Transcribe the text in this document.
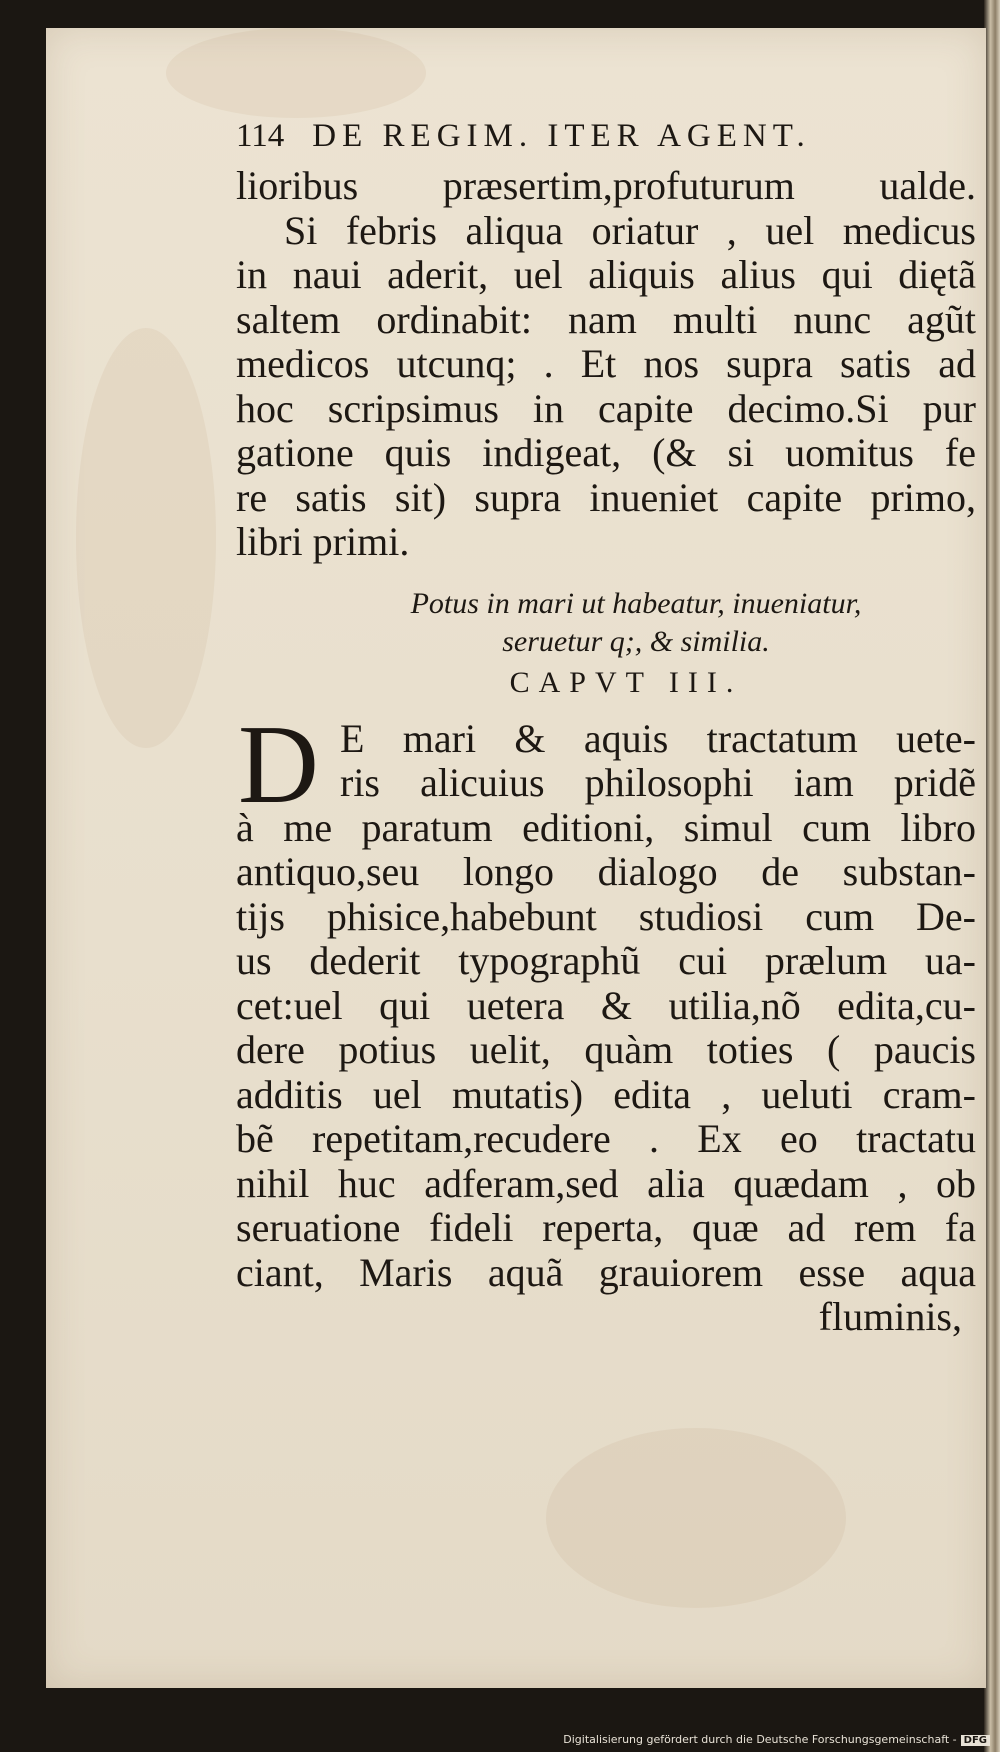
114 DE REGIM. ITER AGENT.
lioribus præsertim,profuturum ualde.
Si febris aliqua oriatur , uel medicus
in naui aderit, uel aliquis alius qui diętã
saltem ordinabit: nam multi nunc agũt
medicos utcunq; . Et nos supra satis ad
hoc scripsimus in capite decimo.Si pur
gatione quis indigeat, (& si uomitus fe
re satis sit) supra inueniet capite primo,
libri primi.
Potus in mari ut habeatur, inueniatur,
seruetur q;, & similia.
CAPVT III.
D E mari & aquis tractatum uete-
ris alicuius philosophi iam pridẽ
à me paratum editioni, simul cum libro
antiquo,seu longo dialogo de substan-
tijs phisice,habebunt studiosi cum De-
us dederit typographũ cui prælum ua-
cet:uel qui uetera & utilia,nõ edita,cu-
dere potius uelit, quàm toties ( paucis
additis uel mutatis) edita , ueluti cram-
bẽ repetitam,recudere . Ex eo tractatu
nihil huc adferam,sed alia quædam , ob
seruatione fideli reperta, quæ ad rem fa
ciant, Maris aquã grauiorem esse aqua
fluminis,
Digitalisierung gefördert durch die Deutsche Forschungsgemeinschaft - DFG
